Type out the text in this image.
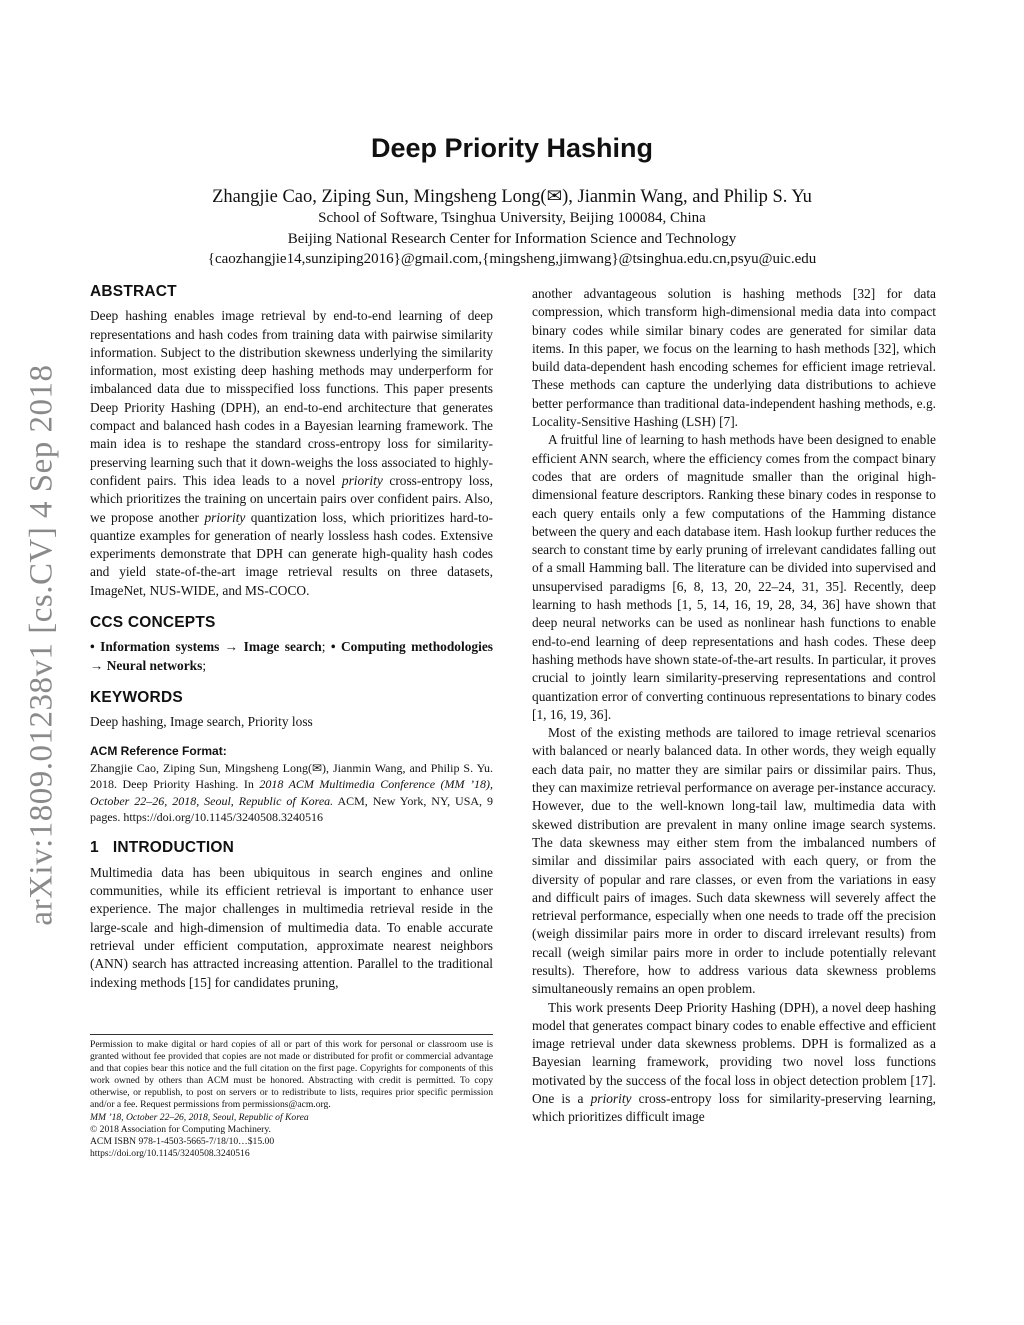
arXiv:1809.01238v1 [cs.CV] 4 Sep 2018
Deep Priority Hashing
Zhangjie Cao, Ziping Sun, Mingsheng Long(✉), Jianmin Wang, and Philip S. Yu
School of Software, Tsinghua University, Beijing 100084, China
Beijing National Research Center for Information Science and Technology
{caozhangjie14,sunziping2016}@gmail.com,{mingsheng,jimwang}@tsinghua.edu.cn,psyu@uic.edu
ABSTRACT

Deep hashing enables image retrieval by end-to-end learning of deep representations and hash codes from training data with pairwise similarity information. Subject to the distribution skewness underlying the similarity information, most existing deep hashing methods may underperform for imbalanced data due to misspecified loss functions. This paper presents Deep Priority Hashing (DPH), an end-to-end architecture that generates compact and balanced hash codes in a Bayesian learning framework. The main idea is to reshape the standard cross-entropy loss for similarity-preserving learning such that it down-weighs the loss associated to highly-confident pairs. This idea leads to a novel priority cross-entropy loss, which prioritizes the training on uncertain pairs over confident pairs. Also, we propose another priority quantization loss, which prioritizes hard-to-quantize examples for generation of nearly lossless hash codes. Extensive experiments demonstrate that DPH can generate high-quality hash codes and yield state-of-the-art image retrieval results on three datasets, ImageNet, NUS-WIDE, and MS-COCO.

CCS CONCEPTS

• Information systems → Image search; • Computing methodologies → Neural networks;

KEYWORDS

Deep hashing, Image search, Priority loss

ACM Reference Format:

Zhangjie Cao, Ziping Sun, Mingsheng Long(✉), Jianmin Wang, and Philip S. Yu. 2018. Deep Priority Hashing. In 2018 ACM Multimedia Conference (MM ’18), October 22–26, 2018, Seoul, Republic of Korea. ACM, New York, NY, USA, 9 pages. https://doi.org/10.1145/3240508.3240516

1 INTRODUCTION

Multimedia data has been ubiquitous in search engines and online communities, while its efficient retrieval is important to enhance user experience. The major challenges in multimedia retrieval reside in the large-scale and high-dimension of multimedia data. To enable accurate retrieval under efficient computation, approximate nearest neighbors (ANN) search has attracted increasing attention. Parallel to the traditional indexing methods [15] for candidates pruning,

Permission to make digital or hard copies of all or part of this work for personal or classroom use is granted without fee provided that copies are not made or distributed for profit or commercial advantage and that copies bear this notice and the full citation on the first page. Copyrights for components of this work owned by others than ACM must be honored. Abstracting with credit is permitted. To copy otherwise, or republish, to post on servers or to redistribute to lists, requires prior specific permission and/or a fee. Request permissions from permissions@acm.org.

MM ’18, October 22–26, 2018, Seoul, Republic of Korea

© 2018 Association for Computing Machinery.

ACM ISBN 978-1-4503-5665-7/18/10…$15.00

https://doi.org/10.1145/3240508.3240516

another advantageous solution is hashing methods [32] for data compression, which transform high-dimensional media data into compact binary codes while similar binary codes are generated for similar data items. In this paper, we focus on the learning to hash methods [32], which build data-dependent hash encoding schemes for efficient image retrieval. These methods can capture the underlying data distributions to achieve better performance than traditional data-independent hashing methods, e.g. Locality-Sensitive Hashing (LSH) [7].

A fruitful line of learning to hash methods have been designed to enable efficient ANN search, where the efficiency comes from the compact binary codes that are orders of magnitude smaller than the original high-dimensional feature descriptors. Ranking these binary codes in response to each query entails only a few computations of the Hamming distance between the query and each database item. Hash lookup further reduces the search to constant time by early pruning of irrelevant candidates falling out of a small Hamming ball. The literature can be divided into supervised and unsupervised paradigms [6, 8, 13, 20, 22–24, 31, 35]. Recently, deep learning to hash methods [1, 5, 14, 16, 19, 28, 34, 36] have shown that deep neural networks can be used as nonlinear hash functions to enable end-to-end learning of deep representations and hash codes. These deep hashing methods have shown state-of-the-art results. In particular, it proves crucial to jointly learn similarity-preserving representations and control quantization error of converting continuous representations to binary codes [1, 16, 19, 36].

Most of the existing methods are tailored to image retrieval scenarios with balanced or nearly balanced data. In other words, they weigh equally each data pair, no matter they are similar pairs or dissimilar pairs. Thus, they can maximize retrieval performance on average per-instance accuracy. However, due to the well-known long-tail law, multimedia data with skewed distribution are prevalent in many online image search systems. The data skewness may either stem from the imbalanced numbers of similar and dissimilar pairs associated with each query, or from the diversity of popular and rare classes, or even from the variations in easy and difficult pairs of images. Such data skewness will severely affect the retrieval performance, especially when one needs to trade off the precision (weigh dissimilar pairs more in order to discard irrelevant results) from recall (weigh similar pairs more in order to include potentially relevant results). Therefore, how to address various data skewness problems simultaneously remains an open problem.

This work presents Deep Priority Hashing (DPH), a novel deep hashing model that generates compact binary codes to enable effective and efficient image retrieval under data skewness problems. DPH is formalized as a Bayesian learning framework, providing two novel loss functions motivated by the success of the focal loss in object detection problem [17]. One is a priority cross-entropy loss for similarity-preserving learning, which prioritizes difficult image
